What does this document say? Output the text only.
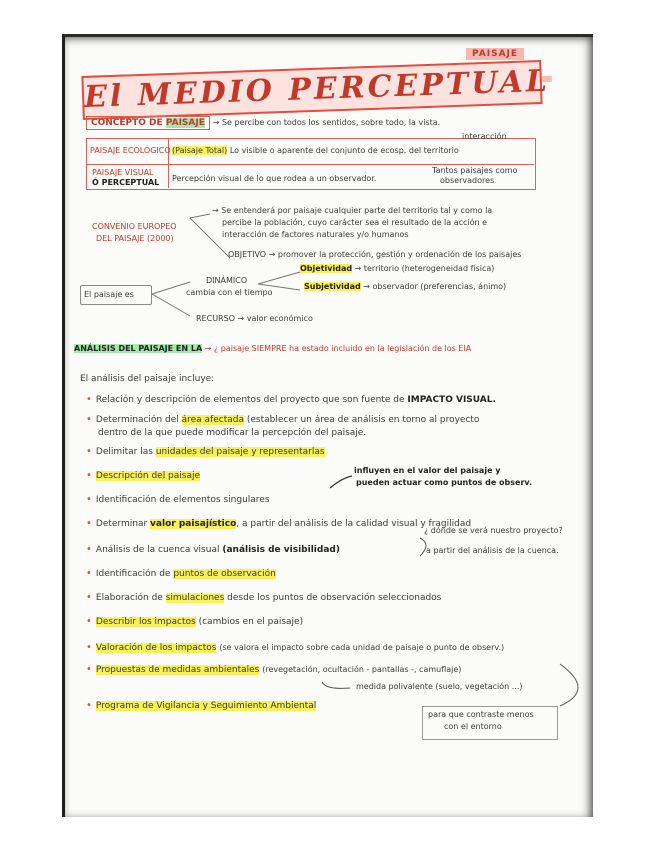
PAISAJE
El MEDIO PERCEPTUAL
CONCEPTO DE PAISAJE → Se percibe con todos los sentidos, sobre todo, la vista.
PAISAJE ECOLÓGICO (Paisaje Total) Lo visible o aparente del conjunto de ecosp. del territorio
interacción
PAISAJE VISUAL
Ó PERCEPTUAL Percepción visual de lo que rodea a un observador.
Tantos paisajes como
observadores
CONVENIO EUROPEO
DEL PAISAJE (2000)
→ Se entenderá por paisaje cualquier parte del territorio tal y como la
percibe la población, cuyo carácter sea el resultado de la acción e
interacción de factores naturales y/o humanos
OBJETIVO → promover la protección, gestión y ordenación de los paisajes
El paisaje es
DINÁMICO
cambia con el tiempo
Objetividad → territorio (heterogeneidad física)
Subjetividad → observador (preferencias, ánimo)
RECURSO → valor económico
ANÁLISIS DEL PAISAJE EN LA → ¿ paisaje SIEMPRE ha estado incluido en la legislación de los EIA
El análisis del paisaje incluye:
• Relación y descripción de elementos del proyecto que son fuente de IMPACTO VISUAL.
• Determinación del área afectada (establecer un área de análisis en torno al proyecto
dentro de la que puede modificar la percepción del paisaje.
• Delimitar las unidades del paisaje y representarlas
• Descripción del paisaje
• Identificación de elementos singulares
influyen en el valor del paisaje y
pueden actuar como puntos de observ.
• Determinar valor paisajístico, a partir del análisis de la calidad visual y fragilidad
• Análisis de la cuenca visual (análisis de visibilidad)
¿ dónde se verá nuestro proyecto?
a partir del análisis de la cuenca.
• Identificación de puntos de observación
• Elaboración de simulaciones desde los puntos de observación seleccionados
• Describir los impactos (cambios en el paisaje)
• Valoración de los impactos (se valora el impacto sobre cada unidad de paisaje o punto de observ.)
• Propuestas de medidas ambientales (revegetación, ocultación - pantallas -, camuflaje)
medida polivalente (suelo, vegetación ...)
• Programa de Vigilancia y Seguimiento Ambiental
para que contraste menos
con el entorno
